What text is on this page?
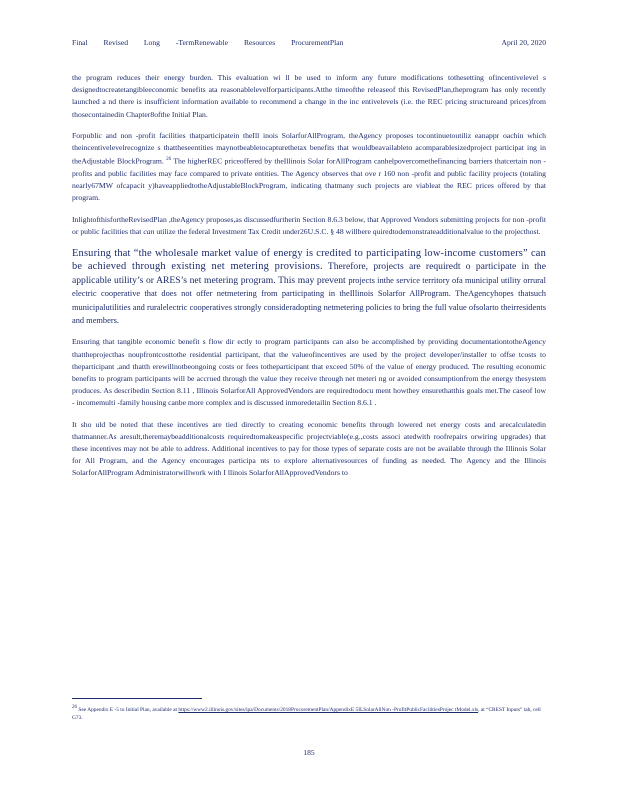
Final Revised Long -TermRenewable Resources ProcurementPlan	April 20, 2020

the program reduces their energy burden. This evaluation wi ll be used to inform any future modifications tothesetting ofincentivelevel s designedtocreatetangibleeconomic benefits ata reasonablelevelforparticipants.Atthe timeofthe releaseof this RevisedPlan,theprogram has only recently launched a nd there is insufficient information available to recommend a change in the inc entivelevels (i.e. the REC pricing structureand prices)from thosecontainedin Chapter8ofthe Initial Plan.

Forpublic and non -profit facilities thatparticipatein theIll inois SolarforAllProgram, theAgency proposes tocontinuetoutiliz eanappr oachin which theincentivelevelrecognize s thattheseentities maynotbeabletocapturethetax benefits that wouldbeavailableto acomparablesizedproject participat ing in theAdjustable BlockProgram. $^{26}$ The higherREC priceoffered by theIllinois Solar forAllProgram canhelpovercomethefinancing barriers thatcertain non -profits and public facilities may face compared to private entities. The Agency observes that ove r 160 non -profit and public facility projects (totaling nearly67MW ofcapacit y)haveappliedtotheAdjustableBlockProgram, indicating thatmany such projects are viableat the REC prices offered by that program.

InlightofthisfortheRevisedPlan ,theAgency proposes,as discussedfurtherin Section 8.6.3 below, that Approved Vendors submitting projects for non -profit or public facilities that can utilize the federal Investment Tax Credit under26U.S.C. § 48 willbere quiredtodemonstrateadditionalvalue to the projecthost.

Ensuring that “the wholesale market value of energy is credited to participating low-income customers” can be achieved through existing net metering provisions. Therefore, projects are requiredt o participate in the applicable utility’s or ARES’s net metering program. This may prevent projects inthe service territory ofa municipal utility orrural electric cooperative that does not offer netmetering from participating in theIllinois Solarfor AllProgram. TheAgencyhopes thatsuch municipalutilities and ruralelectric cooperatives strongly consideradopting netmetering policies to bring the full value ofsolarto theirresidents and members.

Ensuring that tangible economic benefit s flow dir ectly to program participants can also be accomplished by providing documentationtotheAgency thattheprojecthas noupfrontcosttothe residential participant, that the valueofincentives are used by the project developer/installer to offse tcosts to theparticipant ,and thatth erewillnotbeongoing costs or fees totheparticipant that exceed 50% of the value of energy produced. The resulting economic benefits to program participants will be accrued through the value they receive through net meteri ng or avoided consumptionfrom the energy thesystem produces. As describedin Section 8.11 , Illinois SolarforAll ApprovedVendors are requiredtodocu ment howthey ensurethatthis goals met.The caseof low - incomemulti -family housing canbe more complex and is discussed inmoredetailin Section 8.6.1 .

It sho uld be noted that these incentives are tied directly to creating economic benefits through lowered net energy costs and arecalculatedin thatmanner.As aresult,theremaybeadditionalcosts requiredtomakeaspecific projectviable(e.g.,costs associ atedwith roofrepairs orwiring upgrades) that these incentives may not be able to address. Additional incentives to pay for those types of separate costs are not be available through the Illinois Solar for All Program, and the Agency encourages participa nts to explore alternativesources of funding as needed. The Agency and the Illinois SolarforAllProgram Administratorwillwork with I llinois SolarforAllApprovedVendors to

$^{26}$ See Appendix E -5 to Initial Plan, available at https://www2.illinois.gov/sites/ipa/Documents/2018ProcurementPlan/AppendixE 5ILSolarAllNon -ProfitPublicFacilitiesProjec tModel.xls, at “CREST Inputs” tab, cell G73.
185
